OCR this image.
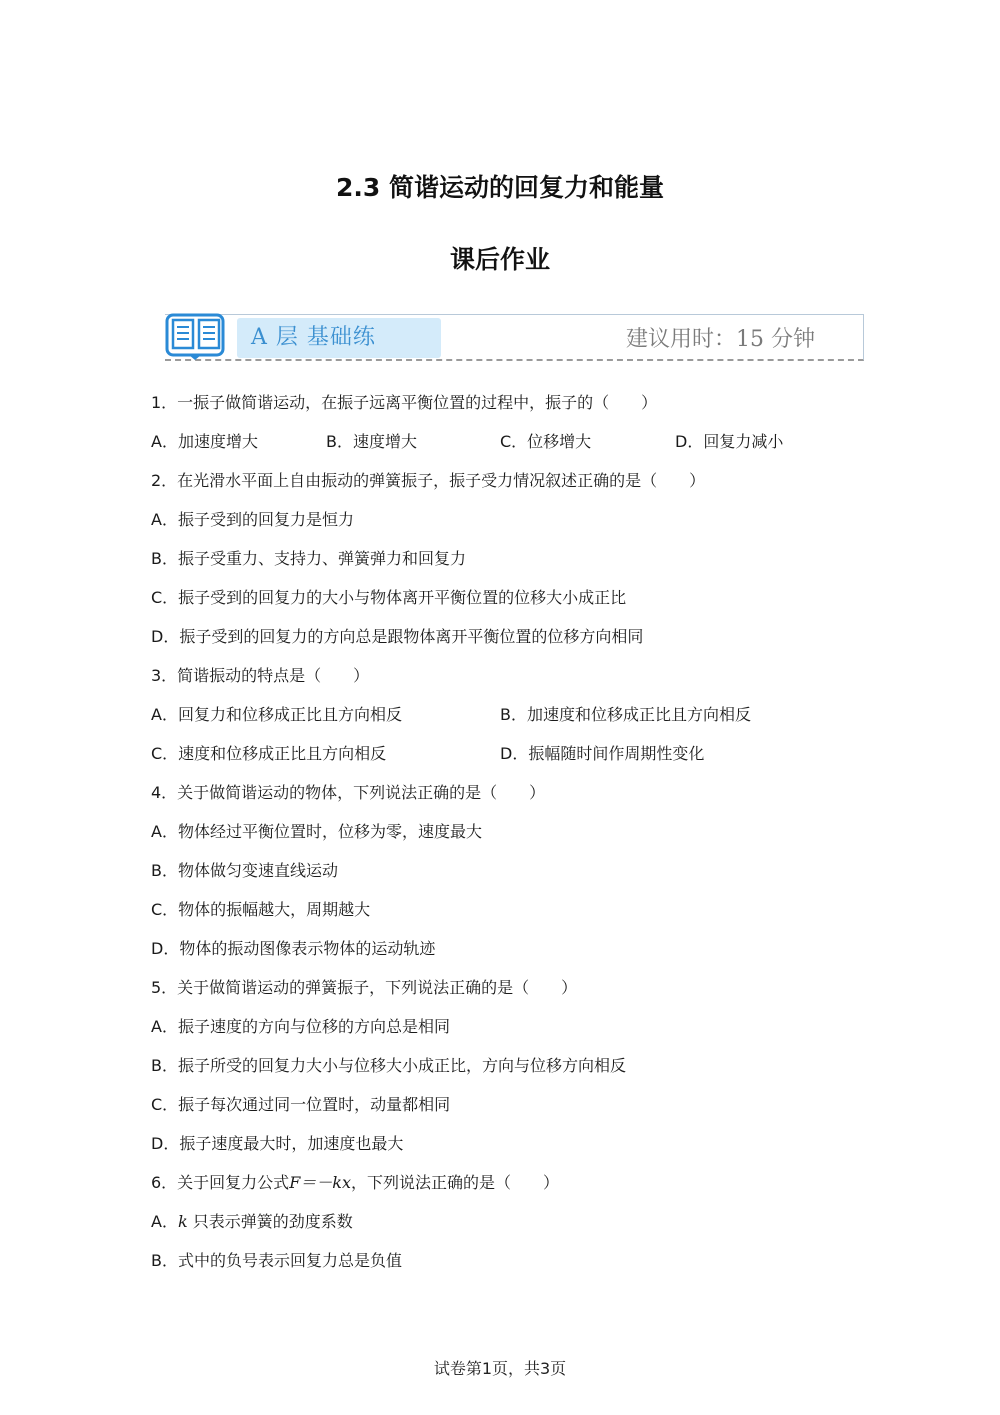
2.3 简谐运动的回复力和能量
课后作业
A 层 基础练	建议用时：15 分钟
1．一振子做简谐运动，在振子远离平衡位置的过程中，振子的（　　）
A．加速度增大	B．速度增大	C．位移增大	D．回复力减小
2．在光滑水平面上自由振动的弹簧振子，振子受力情况叙述正确的是（　　）
A．振子受到的回复力是恒力
B．振子受重力、支持力、弹簧弹力和回复力
C．振子受到的回复力的大小与物体离开平衡位置的位移大小成正比
D．振子受到的回复力的方向总是跟物体离开平衡位置的位移方向相同
3．简谐振动的特点是（　　）
A．回复力和位移成正比且方向相反	B．加速度和位移成正比且方向相反
C．速度和位移成正比且方向相反	D．振幅随时间作周期性变化
4．关于做简谐运动的物体，下列说法正确的是（　　）
A．物体经过平衡位置时，位移为零，速度最大
B．物体做匀变速直线运动
C．物体的振幅越大，周期越大
D．物体的振动图像表示物体的运动轨迹
5．关于做简谐运动的弹簧振子，下列说法正确的是（　　）
A．振子速度的方向与位移的方向总是相同
B．振子所受的回复力大小与位移大小成正比，方向与位移方向相反
C．振子每次通过同一位置时，动量都相同
D．振子速度最大时，加速度也最大
6．关于回复力公式F＝－kx，下列说法正确的是（　　）
A．k 只表示弹簧的劲度系数
B．式中的负号表示回复力总是负值
试卷第1页，共3页
